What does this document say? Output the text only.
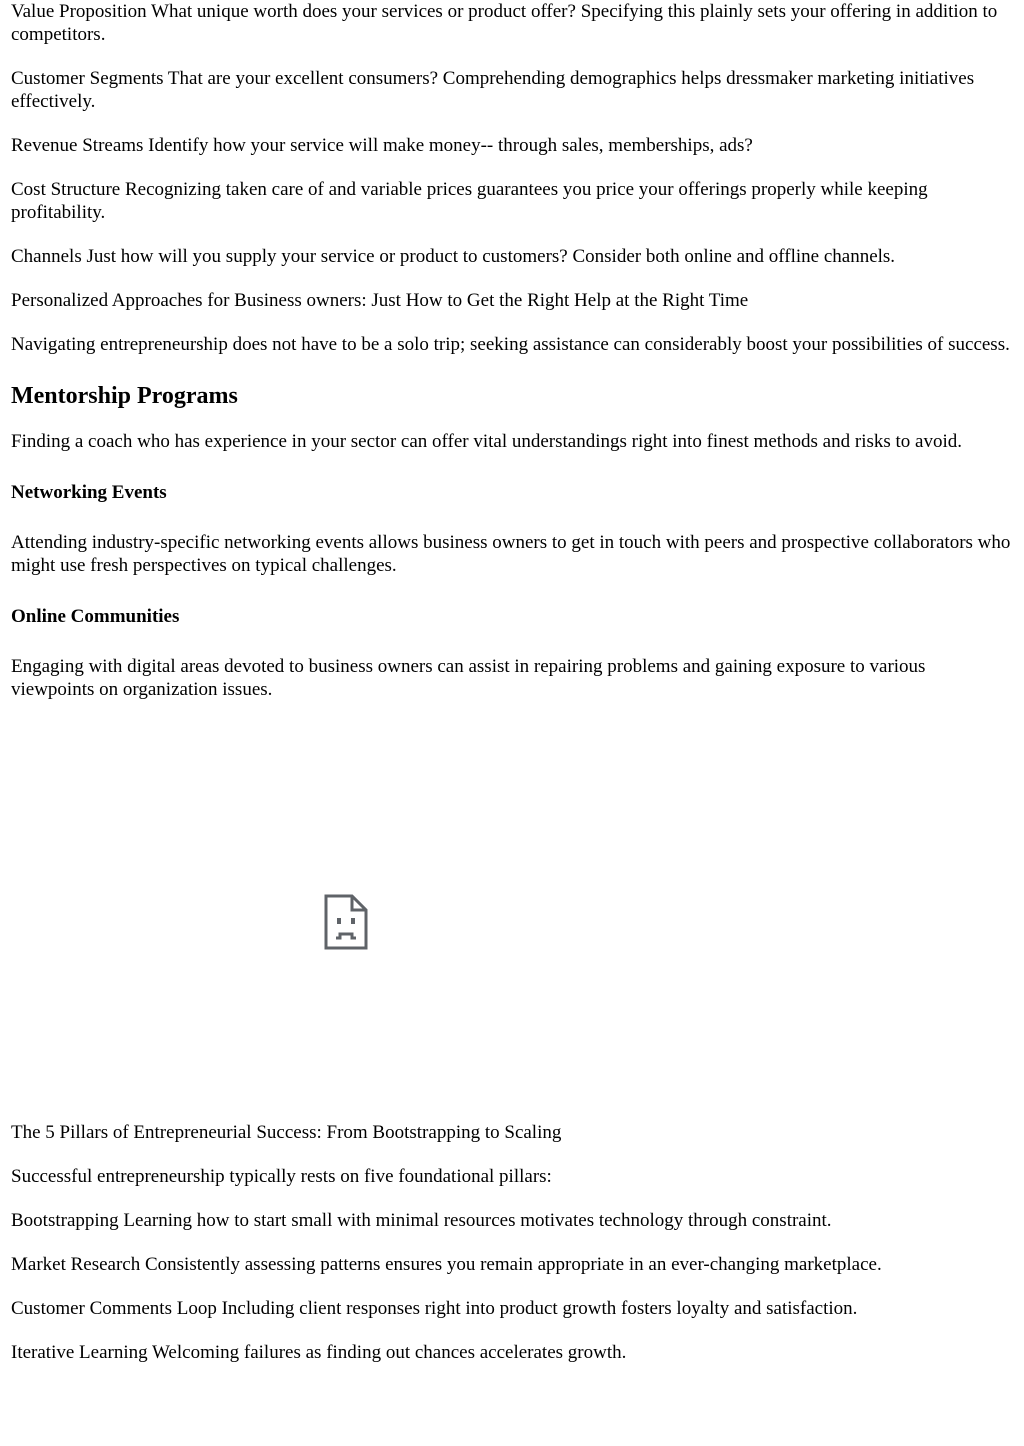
Value Proposition What unique worth does your services or product offer? Specifying this plainly sets your offering in addition to competitors.

Customer Segments That are your excellent consumers? Comprehending demographics helps dressmaker marketing initiatives effectively.

Revenue Streams Identify how your service will make money-- through sales, memberships, ads?

Cost Structure Recognizing taken care of and variable prices guarantees you price your offerings properly while keeping profitability.

Channels Just how will you supply your service or product to customers? Consider both online and offline channels.

Personalized Approaches for Business owners: Just How to Get the Right Help at the Right Time

Navigating entrepreneurship does not have to be a solo trip; seeking assistance can considerably boost your possibilities of success.

Mentorship Programs

Finding a coach who has experience in your sector can offer vital understandings right into finest methods and risks to avoid.

Networking Events

Attending industry-specific networking events allows business owners to get in touch with peers and prospective collaborators who might use fresh perspectives on typical challenges.

Online Communities

Engaging with digital areas devoted to business owners can assist in repairing problems and gaining exposure to various viewpoints on organization issues.

The 5 Pillars of Entrepreneurial Success: From Bootstrapping to Scaling

Successful entrepreneurship typically rests on five foundational pillars:

Bootstrapping Learning how to start small with minimal resources motivates technology through constraint.

Market Research Consistently assessing patterns ensures you remain appropriate in an ever-changing marketplace.

Customer Comments Loop Including client responses right into product growth fosters loyalty and satisfaction.

Iterative Learning Welcoming failures as finding out chances accelerates growth.
